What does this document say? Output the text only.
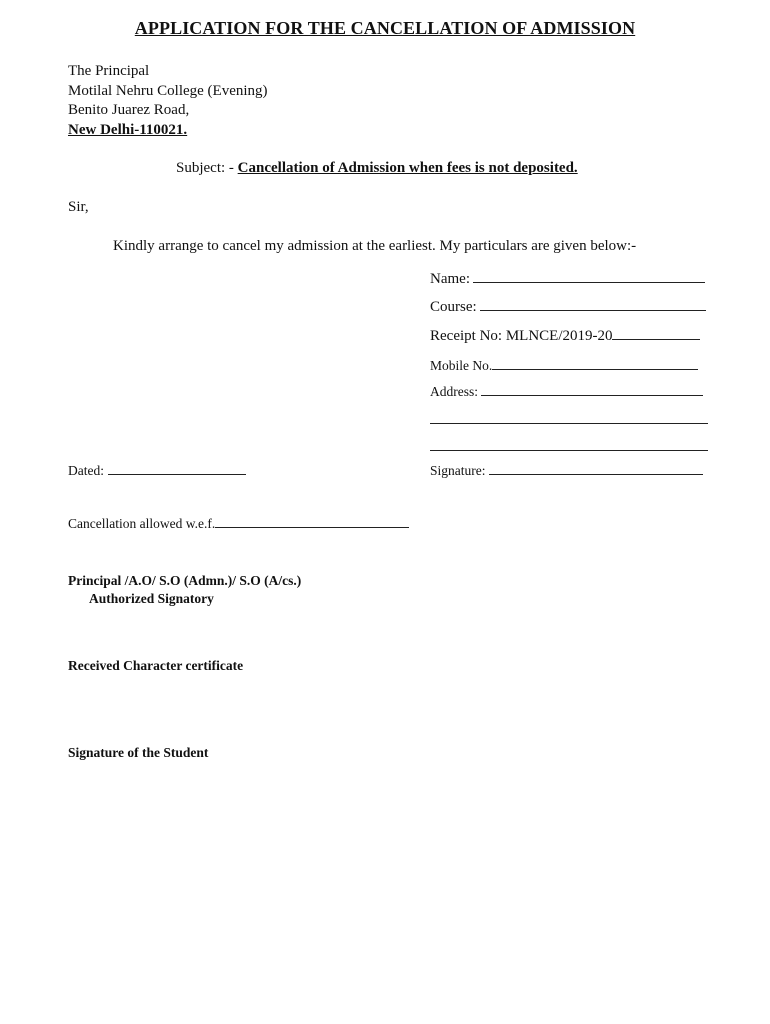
APPLICATION FOR THE CANCELLATION OF ADMISSION
The Principal
Motilal Nehru College (Evening)
Benito Juarez Road,
New Delhi-110021.
Subject: - Cancellation of Admission when fees is not deposited.
Sir,
Kindly arrange to cancel my admission at the earliest. My particulars are given below:-
Name:
Course:
Receipt No: MLNCE/2019-20
Mobile No.
Address:
Dated:	Signature:
Cancellation allowed w.e.f.
Principal /A.O/ S.O (Admn.)/ S.O (A/cs.)
Authorized Signatory
Received Character certificate
Signature of the Student
